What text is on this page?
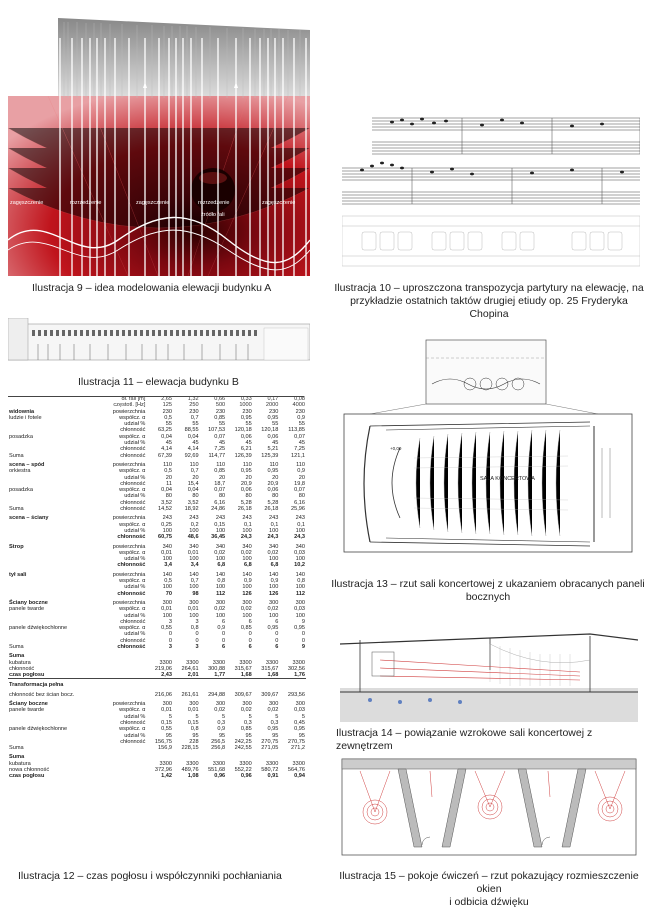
zagęszczenie	rozrzedzenie	zagęszczenie	rozrzedzenie	zagęszczenie
źródło fali
Ilustracja 9 – idea modelowania elewacji budynku A	Ilustracja 10 – uproszczona transpozycja partytury na elewację, na
przykładzie ostatnich taktów drugiej etiudy op. 25 Fryderyka Chopina
Ilustracja 11 – elewacja budynku B
	dł. fali [m]	2,65	1,32	0,66	0,33	0,17	0,08
	częstotl. [Hz]	125	250	500	1000	2000	4000
widownia	powierzchnia	230	230	230	230	230	230
ludzie i fotele	współcz. α	0,5	0,7	0,85	0,95	0,95	0,9
	udział %	55	55	55	55	55	55
	chłonność	63,25	88,55	107,53	120,18	120,18	113,85
posadzka	współcz. α	0,04	0,04	0,07	0,06	0,06	0,07
	udział %	45	45	45	45	45	45
	chłonność	4,14	4,14	7,25	6,21	5,21	7,25
Suma	chłonność	67,39	92,69	114,77	126,39	125,39	121,1

scena – spód	powierzchnia	110	110	110	110	110	110
orkiestra	współcz. α	0,5	0,7	0,85	0,95	0,95	0,9
	udział %	20	20	20	20	20	20
	chłonność	11	15,4	18,7	20,9	20,9	19,8
posadzka	współcz. α	0,04	0,04	0,07	0,06	0,06	0,07
	udział %	80	80	80	80	80	80
	chłonność	3,52	3,52	6,16	5,28	5,28	6,16
Suma	chłonność	14,52	18,92	24,86	26,18	26,18	25,96

scena – ściany	powierzchnia	243	243	243	243	243	243
	współcz. α	0,25	0,2	0,15	0,1	0,1	0,1
	udział %	100	100	100	100	100	100
	chłonność	60,75	48,6	36,45	24,3	24,3	24,3

Strop	powierzchnia	340	340	340	340	340	340
	współcz. α	0,01	0,01	0,02	0,02	0,02	0,03
	udział %	100	100	100	100	100	100
	chłonność	3,4	3,4	6,8	6,8	6,8	10,2

tył sali	powierzchnia	140	140	140	140	140	140
	współcz. α	0,5	0,7	0,8	0,9	0,9	0,8
	udział %	100	100	100	100	100	100
	chłonność	70	98	112	126	126	112

Ściany boczne	powierzchnia	300	300	300	300	300	300
panele twarde	współcz. α	0,01	0,01	0,02	0,02	0,02	0,03
	udział %	100	100	100	100	100	100
	chłonność	3	3	6	6	6	9
panele dźwiękochłonne	współcz. α	0,55	0,8	0,9	0,85	0,95	0,95
	udział %	0	0	0	0	0	0
	chłonność	0	0	0	0	0	0
Suma	chłonność	3	3	6	6	6	9

Suma							
kubatura		3300	3300	3300	3300	3300	3300
chłonność		219,06	264,61	300,88	315,67	315,67	302,56
czas pogłosu		2,43	2,01	1,77	1,68	1,68	1,76

Transformacja pełna							

chłonność bez ścian bocz.		216,06	261,61	294,88	309,67	309,67	293,56

Ściany boczne	powierzchnia	300	300	300	300	300	300
panele twarde	współcz. α	0,01	0,01	0,02	0,02	0,02	0,03
	udział %	5	5	5	5	5	5
	chłonność	0,15	0,15	0,3	0,3	0,3	0,45
panele dźwiękochłonne	współcz. α	0,55	0,8	0,9	0,85	0,95	0,95
	udział %	95	95	95	95	95	95
	chłonność	156,75	228	256,5	242,25	270,75	270,75
Suma		156,9	228,15	256,8	242,55	271,05	271,2

Suma							
kubatura		3300	3300	3300	3300	3300	3300
nowa chłonność		372,96	489,76	551,68	552,22	580,72	564,76
czas pogłosu		1,42	1,08	0,96	0,96	0,91	0,94
Ilustracja 12 – czas pogłosu i współczynniki pochłaniania
SALA KONCERTOWA
+0,00
Ilustracja 13 – rzut sali koncertowej z ukazaniem obracanych paneli
bocznych
Ilustracja 14 – powiązanie wzrokowe sali koncertowej z zewnętrzem
Ilustracja 15 – pokoje ćwiczeń – rzut pokazujący rozmieszczenie okien
i odbicia dźwięku
